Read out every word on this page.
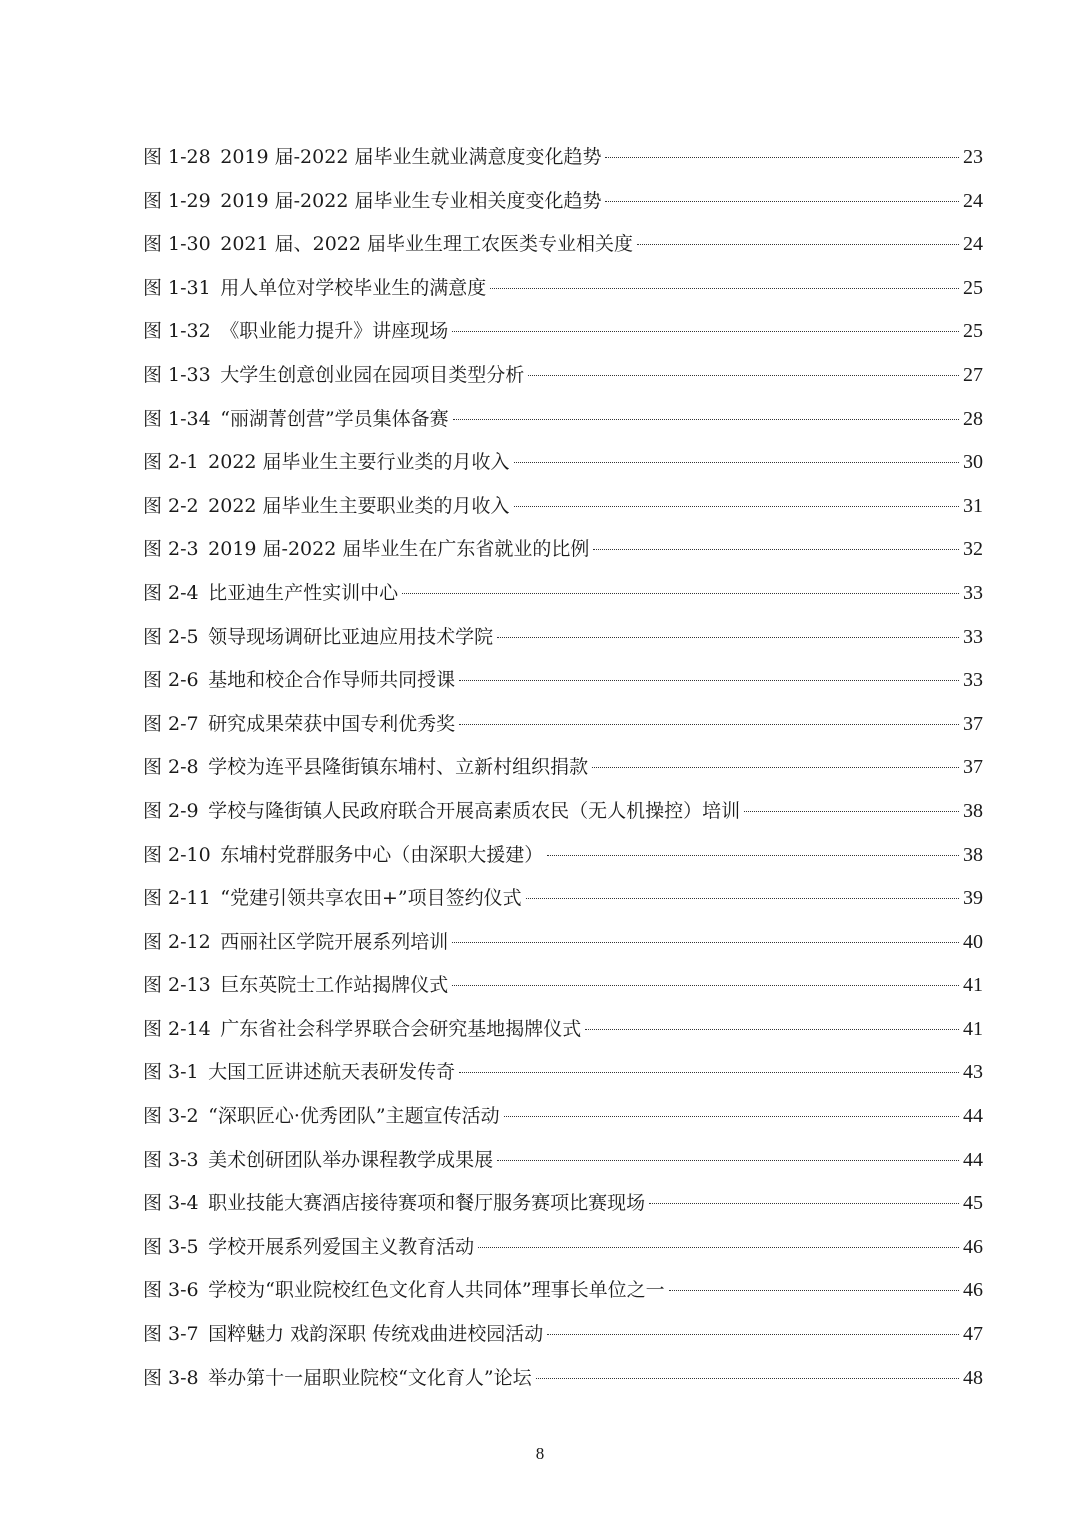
图 1-28 2019 届-2022 届毕业生就业满意度变化趋势	23
图 1-29 2019 届-2022 届毕业生专业相关度变化趋势	24
图 1-30 2021 届、2022 届毕业生理工农医类专业相关度	24
图 1-31 用人单位对学校毕业生的满意度	25
图 1-32 《职业能力提升》讲座现场	25
图 1-33 大学生创意创业园在园项目类型分析	27
图 1-34 “丽湖菁创营”学员集体备赛	28
图 2-1 2022 届毕业生主要行业类的月收入	30
图 2-2 2022 届毕业生主要职业类的月收入	31
图 2-3 2019 届-2022 届毕业生在广东省就业的比例	32
图 2-4 比亚迪生产性实训中心	33
图 2-5 领导现场调研比亚迪应用技术学院	33
图 2-6 基地和校企合作导师共同授课	33
图 2-7 研究成果荣获中国专利优秀奖	37
图 2-8 学校为连平县隆街镇东埔村、立新村组织捐款	37
图 2-9 学校与隆街镇人民政府联合开展高素质农民（无人机操控）培训	38
图 2-10 东埔村党群服务中心（由深职大援建）	38
图 2-11 “党建引领共享农田+”项目签约仪式	39
图 2-12 西丽社区学院开展系列培训	40
图 2-13 巨东英院士工作站揭牌仪式	41
图 2-14 广东省社会科学界联合会研究基地揭牌仪式	41
图 3-1 大国工匠讲述航天表研发传奇	43
图 3-2 “深职匠心·优秀团队”主题宣传活动	44
图 3-3 美术创研团队举办课程教学成果展	44
图 3-4 职业技能大赛酒店接待赛项和餐厅服务赛项比赛现场	45
图 3-5 学校开展系列爱国主义教育活动	46
图 3-6 学校为“职业院校红色文化育人共同体”理事长单位之一	46
图 3-7 国粹魅力 戏韵深职 传统戏曲进校园活动	47
图 3-8 举办第十一届职业院校“文化育人”论坛	48
8
